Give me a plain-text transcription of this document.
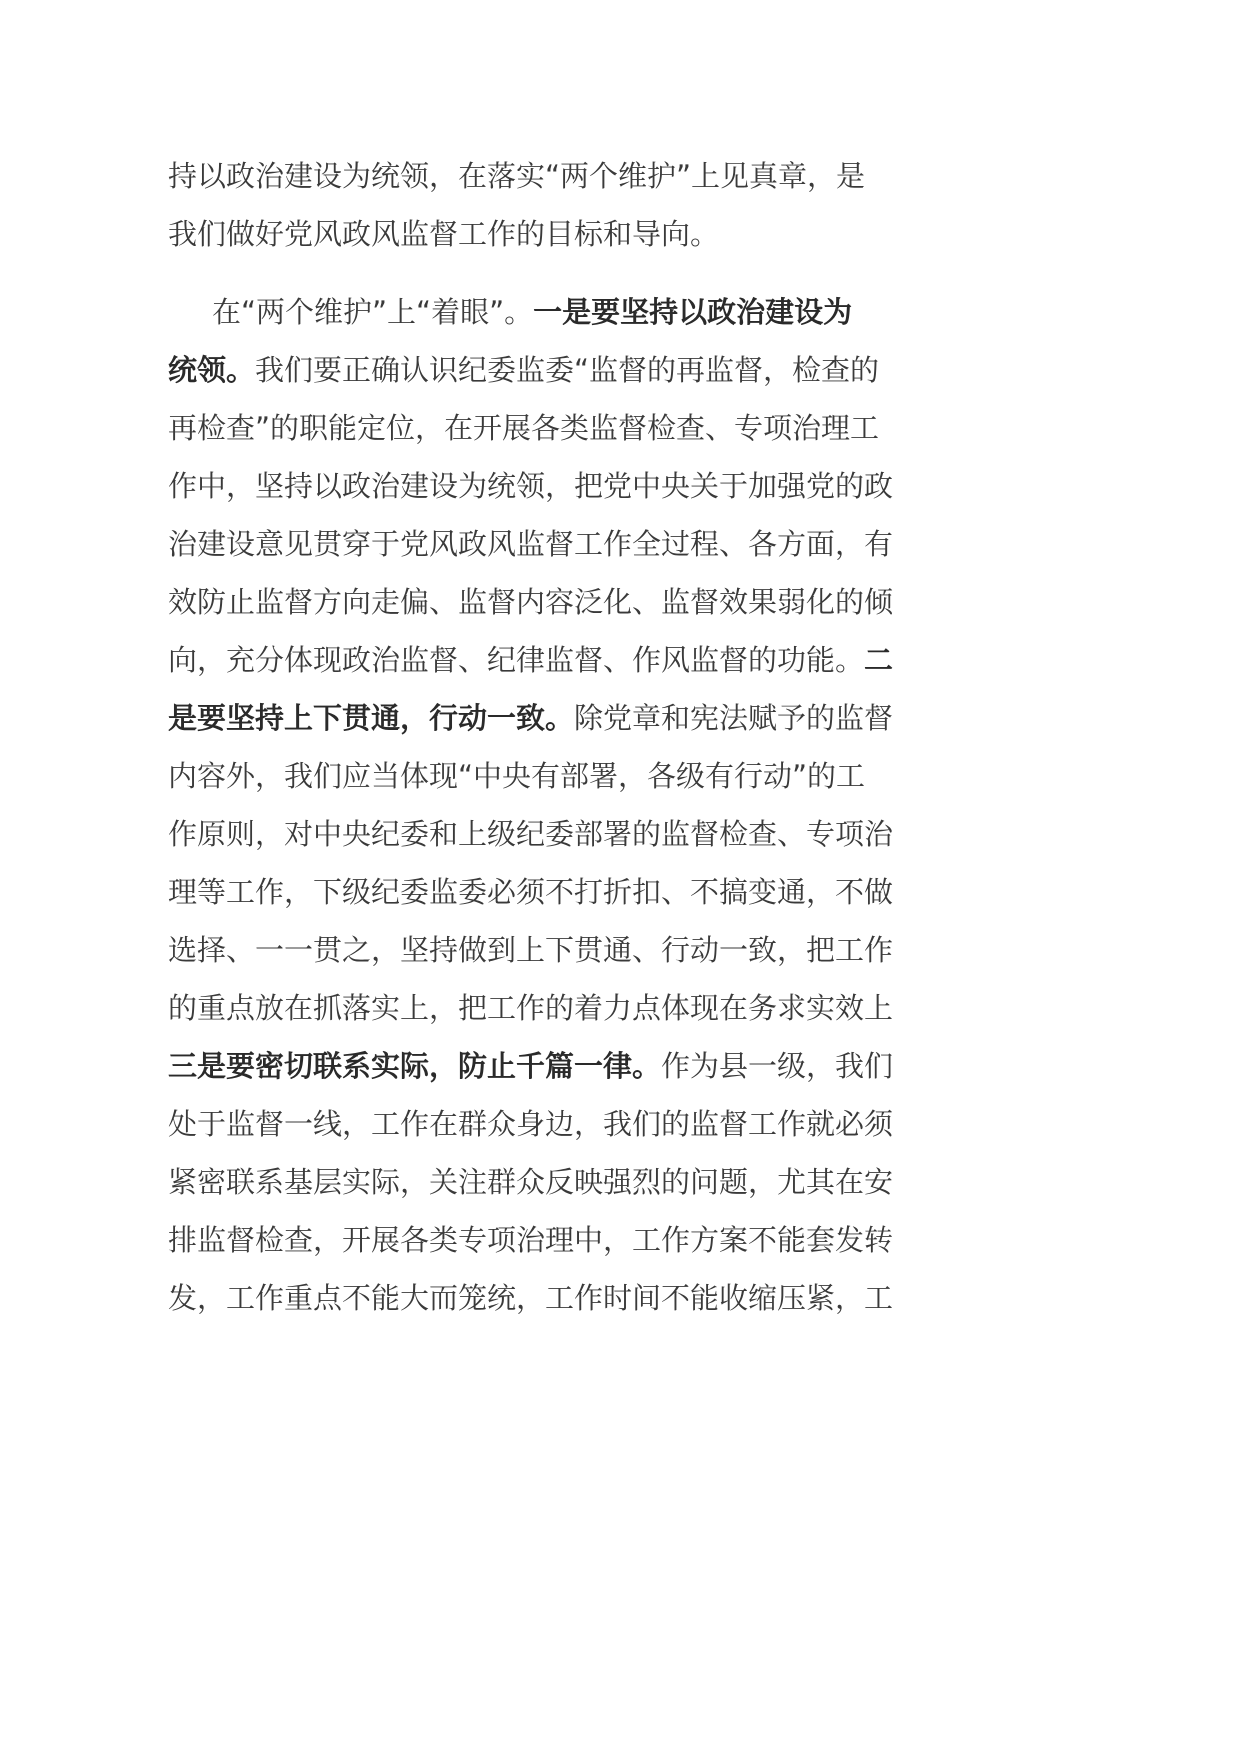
持以政治建设为统领，在落实“两个维护”上见真章，是
我们做好党风政风监督工作的目标和导向。
在“两个维护”上“着眼”。一是要坚持以政治建设为
统领。我们要正确认识纪委监委“监督的再监督，检查的
再检查”的职能定位，在开展各类监督检查、专项治理工
作中，坚持以政治建设为统领，把党中央关于加强党的政
治建设意见贯穿于党风政风监督工作全过程、各方面，有
效防止监督方向走偏、监督内容泛化、监督效果弱化的倾
向，充分体现政治监督、纪律监督、作风监督的功能。二
是要坚持上下贯通，行动一致。除党章和宪法赋予的监督
内容外，我们应当体现“中央有部署，各级有行动”的工
作原则，对中央纪委和上级纪委部署的监督检查、专项治
理等工作，下级纪委监委必须不打折扣、不搞变通，不做
选择、一一贯之，坚持做到上下贯通、行动一致，把工作
的重点放在抓落实上，把工作的着力点体现在务求实效上
三是要密切联系实际，防止千篇一律。作为县一级，我们
处于监督一线，工作在群众身边，我们的监督工作就必须
紧密联系基层实际，关注群众反映强烈的问题，尤其在安
排监督检查，开展各类专项治理中，工作方案不能套发转
发，工作重点不能大而笼统，工作时间不能收缩压紧，工
